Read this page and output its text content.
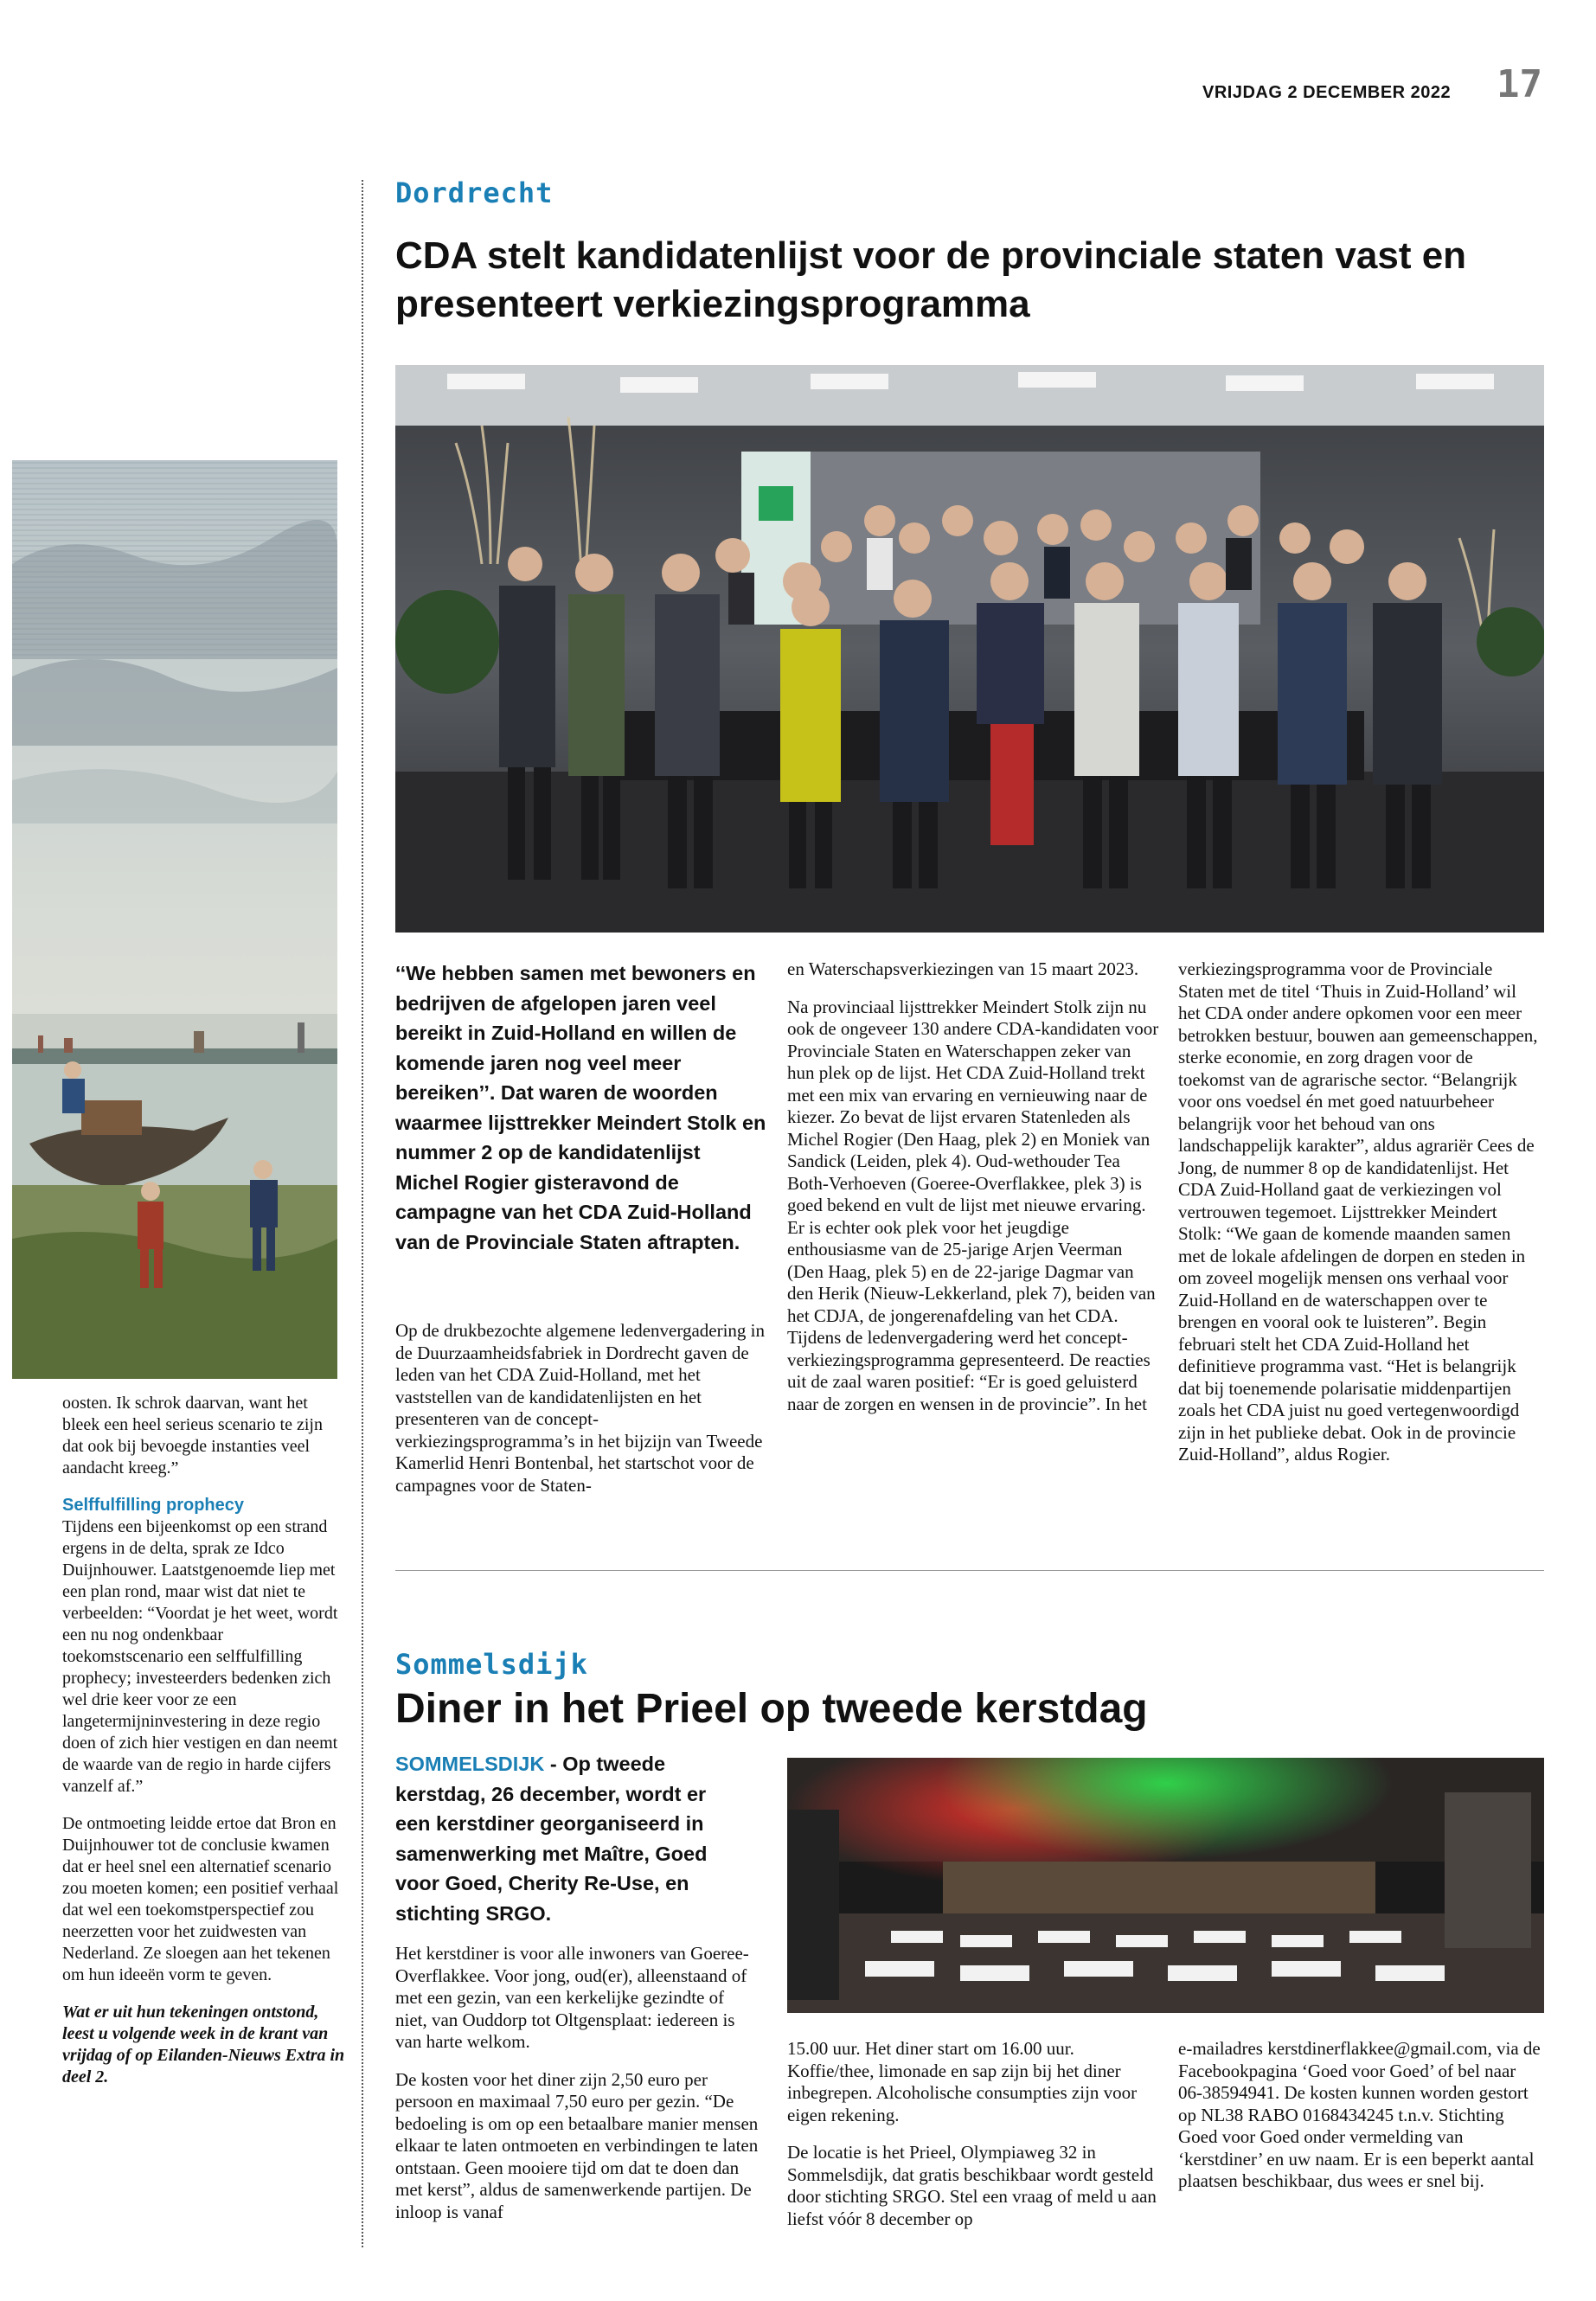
VRIJDAG 2 DECEMBER 2022 17

oosten. Ik schrok daarvan, want het bleek een heel serieus scenario te zijn dat ook bij bevoegde instanties veel aandacht kreeg.”

Selffulfilling prophecy

Tijdens een bijeenkomst op een strand ergens in de delta, sprak ze Idco Duijnhouwer. Laatstgenoemde liep met een plan rond, maar wist dat niet te verbeelden: “Voordat je het weet, wordt een nu nog ondenkbaar toekomstscenario een selffulfilling prophecy; investeerders bedenken zich wel drie keer voor ze een langetermijninvestering in deze regio doen of zich hier vestigen en dan neemt de waarde van de regio in harde cijfers vanzelf af.”

De ontmoeting leidde ertoe dat Bron en Duijnhouwer tot de conclusie kwamen dat er heel snel een alternatief scenario zou moeten komen; een positief verhaal dat wel een toekomstperspectief zou neerzetten voor het zuidwesten van Nederland. Ze sloegen aan het tekenen om hun ideeën vorm te geven.

Wat er uit hun tekeningen ontstond, leest u volgende week in de krant van vrijdag of op Eilanden-Nieuws Extra in deel 2.

Dordrecht
CDA stelt kandidatenlijst voor de provinciale staten vast en presenteert verkiezingsprogramma
‘‘We hebben samen met bewoners en bedrijven de afgelopen jaren veel bereikt in Zuid-Holland en willen de komende jaren nog veel meer bereiken’’. Dat waren de woorden waarmee lijsttrekker Meindert Stolk en nummer 2 op de kandidatenlijst Michel Rogier gisteravond de campagne van het CDA Zuid-Holland van de Provinciale Staten aftrapten.

Op de drukbezochte algemene ledenvergadering in de Duurzaamheidsfabriek in Dordrecht gaven de leden van het CDA Zuid-Holland, met het vaststellen van de kandidatenlijsten en het presenteren van de concept-verkiezingsprogramma’s in het bijzijn van Tweede Kamerlid Henri Bontenbal, het startschot voor de campagnes voor de Staten-

en Waterschapsverkiezingen van 15 maart 2023.

Na provinciaal lijsttrekker Meindert Stolk zijn nu ook de ongeveer 130 andere CDA-kandidaten voor Provinciale Staten en Waterschappen zeker van hun plek op de lijst. Het CDA Zuid-Holland trekt met een mix van ervaring en vernieuwing naar de kiezer. Zo bevat de lijst ervaren Statenleden als Michel Rogier (Den Haag, plek 2) en Moniek van Sandick (Leiden, plek 4). Oud-wethouder Tea Both-Verhoeven (Goeree-Overflakkee, plek 3) is goed bekend en vult de lijst met nieuwe ervaring. Er is echter ook plek voor het jeugdige enthousiasme van de 25-jarige Arjen Veerman (Den Haag, plek 5) en de 22-jarige Dagmar van den Herik (Nieuw-Lekkerland, plek 7), beiden van het CDJA, de jongerenafdeling van het CDA.

Tijdens de ledenvergadering werd het concept-verkiezingsprogramma gepresenteerd. De reacties uit de zaal waren positief: “Er is goed geluisterd naar de zorgen en wensen in de provincie”. In het

verkiezingsprogramma voor de Provinciale Staten met de titel ‘Thuis in Zuid-Holland’ wil het CDA onder andere opkomen voor een meer betrokken bestuur, bouwen aan gemeenschappen, sterke economie, en zorg dragen voor de toekomst van de agrarische sector. “Belangrijk voor ons voedsel én met goed natuurbeheer belangrijk voor het behoud van ons landschappelijk karakter”, aldus agrariër Cees de Jong, de nummer 8 op de kandidatenlijst. Het CDA Zuid-Holland gaat de verkiezingen vol vertrouwen tegemoet. Lijsttrekker Meindert Stolk: “We gaan de komende maanden samen met de lokale afdelingen de dorpen en steden in om zoveel mogelijk mensen ons verhaal voor Zuid-Holland en de waterschappen over te brengen en vooral ook te luisteren”. Begin februari stelt het CDA Zuid-Holland het definitieve programma vast. “Het is belangrijk dat bij toenemende polarisatie middenpartijen zoals het CDA juist nu goed vertegenwoordigd zijn in het publieke debat. Ook in de provincie Zuid-Holland”, aldus Rogier.

Sommelsdijk
Diner in het Prieel op tweede kerstdag
SOMMELSDIJK - Op tweede kerstdag, 26 december, wordt er een kerstdiner georganiseerd in samenwerking met Maître, Goed voor Goed, Cherity Re-Use, en stichting SRGO.

Het kerstdiner is voor alle inwoners van Goeree-Overflakkee. Voor jong, oud(er), alleenstaand of met een gezin, van een kerkelijke gezindte of niet, van Ouddorp tot Oltgensplaat: iedereen is van harte welkom.

De kosten voor het diner zijn 2,50 euro per persoon en maximaal 7,50 euro per gezin. “De bedoeling is om op een betaalbare manier mensen elkaar te laten ontmoeten en verbindingen te laten ontstaan. Geen mooiere tijd om dat te doen dan met kerst”, aldus de samenwerkende partijen. De inloop is vanaf

15.00 uur. Het diner start om 16.00 uur. Koffie/thee, limonade en sap zijn bij het diner inbegrepen. Alcoholische consumpties zijn voor eigen rekening.

De locatie is het Prieel, Olympiaweg 32 in Sommelsdijk, dat gratis beschikbaar wordt gesteld door stichting SRGO. Stel een vraag of meld u aan liefst vóór 8 december op

e-mailadres kerstdinerflakkee@gmail.com, via de Facebookpagina ‘Goed voor Goed’ of bel naar 06-38594941. De kosten kunnen worden gestort op NL38 RABO 0168434245 t.n.v. Stichting Goed voor Goed onder vermelding van ‘kerstdiner’ en uw naam. Er is een beperkt aantal plaatsen beschikbaar, dus wees er snel bij.
